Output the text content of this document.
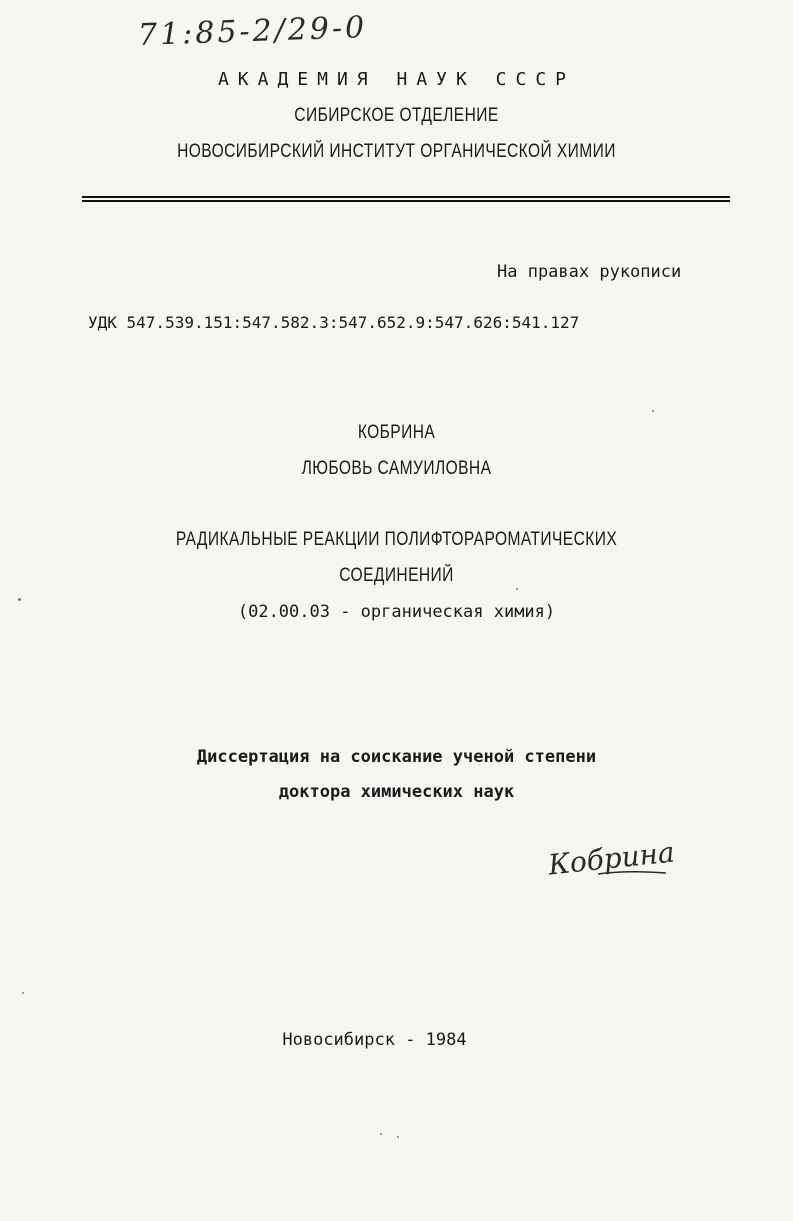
71:85-2/29-0
АКАДЕМИЯ НАУК СССР
СИБИРСКОЕ ОТДЕЛЕНИЕ
НОВОСИБИРСКИЙ ИНСТИТУТ ОРГАНИЧЕСКОЙ ХИМИИ
На правах рукописи
УДК 547.539.151:547.582.3:547.652.9:547.626:541.127
КОБРИНА
ЛЮБОВЬ САМУИЛОВНА
РАДИКАЛЬНЫЕ РЕАКЦИИ ПОЛИФТОРАРОМАТИЧЕСКИХ
СОЕДИНЕНИЙ
(02.00.03 - органическая химия)
Диссертация на соискание ученой степени
доктора химических наук
Кобрина
Новосибирск - 1984
